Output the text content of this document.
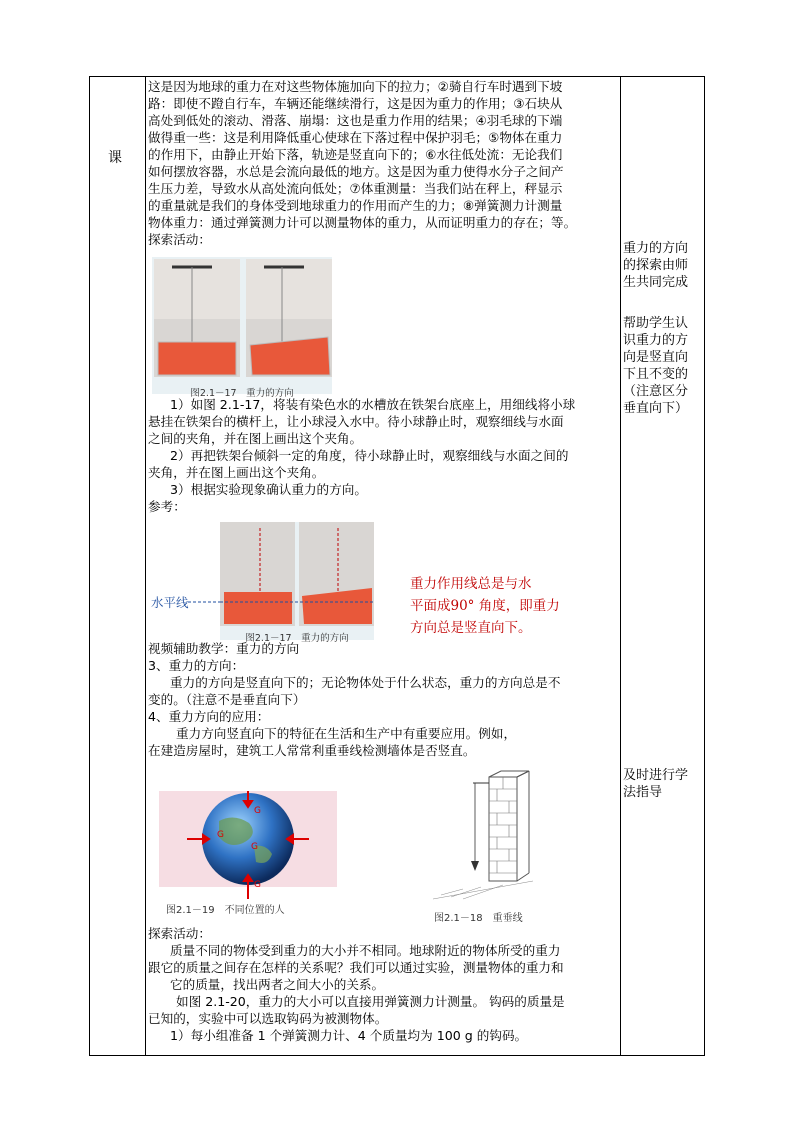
课

这是因为地球的重力在对这些物体施加向下的拉力；②骑自行车时遇到下坡

路：即使不蹬自行车，车辆还能继续滑行，这是因为重力的作用；③石块从

高处到低处的滚动、滑落、崩塌：这也是重力作用的结果；④羽毛球的下端

做得重一些：这是利用降低重心使球在下落过程中保护羽毛；⑤物体在重力

的作用下，由静止开始下落，轨迹是竖直向下的；⑥水往低处流：无论我们

如何摆放容器，水总是会流向最低的地方。这是因为重力使得水分子之间产

生压力差，导致水从高处流向低处；⑦体重测量：当我们站在秤上，秤显示

的重量就是我们的身体受到地球重力的作用而产生的力；⑧弹簧测力计测量

物体重力：通过弹簧测力计可以测量物体的重力，从而证明重力的存在；等。

探索活动：

图2.1－17　重力的方向

1）如图 2.1-17，将装有染色水的水槽放在铁架台底座上，用细线将小球

悬挂在铁架台的横杆上，让小球浸入水中。待小球静止时，观察细线与水面

之间的夹角，并在图上画出这个夹角。

2）再把铁架台倾斜一定的角度，待小球静止时，观察细线与水面之间的

夹角，并在图上画出这个夹角。

3）根据实验现象确认重力的方向。

参考：

图2.1－17　重力的方向
水平线
重力作用线总是与水
平面成90° 角度，即重力
方向总是竖直向下。

视频辅助教学：重力的方向

3、重力的方向：

重力的方向是竖直向下的；无论物体处于什么状态，重力的方向总是不

变的。（注意不是垂直向下）

4、重力方向的应用：

重力方向竖直向下的特征在生活和生产中有重要应用。例如，

在建造房屋时，建筑工人常常利重垂线检测墙体是否竖直。

G
G
G
G
图2.1－19　不同位置的人
图2.1－18　重垂线

探索活动：

质量不同的物体受到重力的大小并不相同。地球附近的物体所受的重力

跟它的质量之间存在怎样的关系呢？我们可以通过实验，测量物体的重力和

它的质量，找出两者之间大小的关系。

如图 2.1-20，重力的大小可以直接用弹簧测力计测量。 钩码的质量是

已知的，实验中可以选取钩码为被测物体。

1）每小组准备 1 个弹簧测力计、4 个质量均为 100 g 的钩码。

重力的方向
的探索由师
生共同完成
帮助学生认
识重力的方
向是竖直向
下且不变的
（注意区分
垂直向下）
及时进行学
法指导
